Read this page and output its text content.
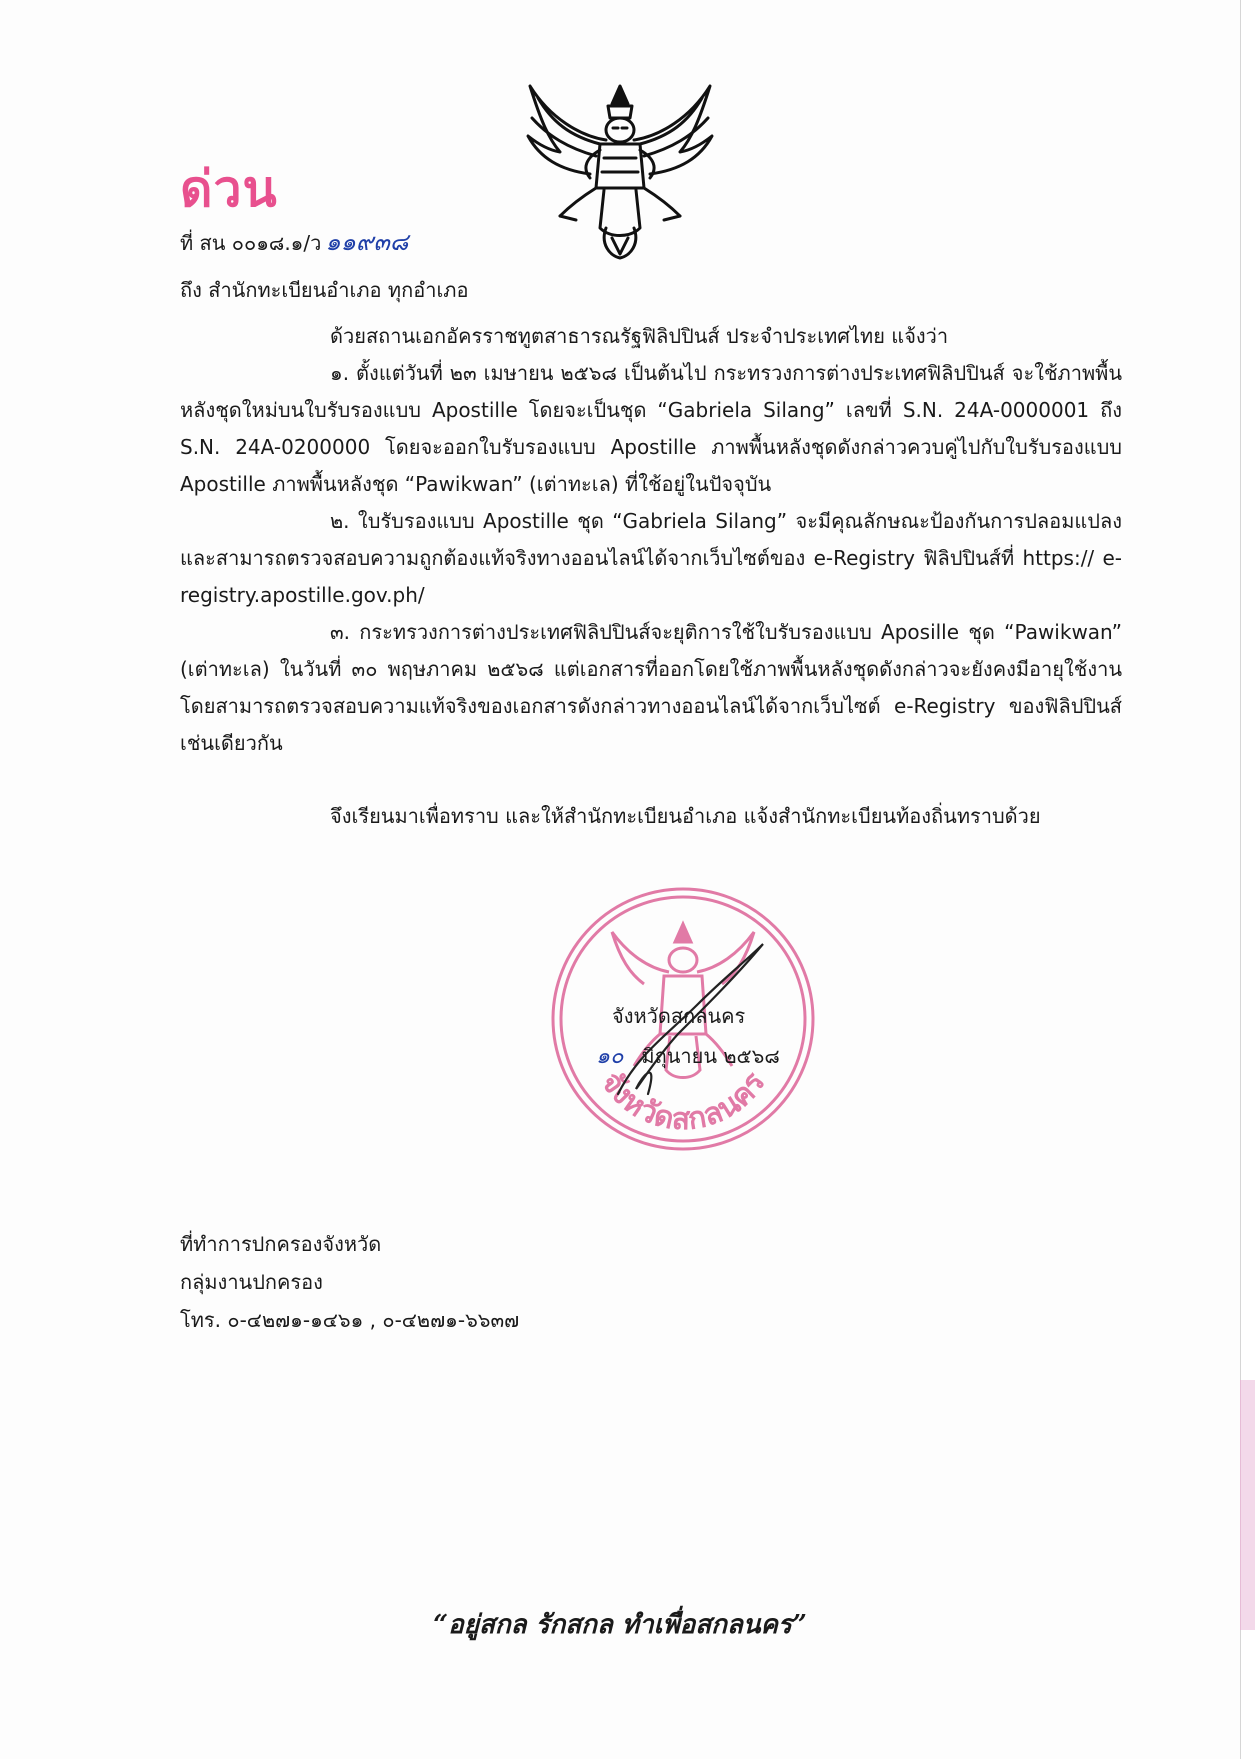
ด่วน
ที่ สน ๐๐๑๘.๑/ว ๑๑๙๓๘
ถึง สำนักทะเบียนอำเภอ ทุกอำเภอ

ด้วยสถานเอกอัครราชทูตสาธารณรัฐฟิลิปปินส์ ประจำประเทศไทย แจ้งว่า

๑. ตั้งแต่วันที่ ๒๓ เมษายน ๒๕๖๘ เป็นต้นไป กระทรวงการต่างประเทศฟิลิปปินส์ จะใช้ภาพพื้นหลังชุดใหม่บนใบรับรองแบบ Apostille โดยจะเป็นชุด “Gabriela Silang” เลขที่ S.N. 24A-0000001 ถึง S.N. 24A-0200000 โดยจะออกใบรับรองแบบ Apostille ภาพพื้นหลังชุดดังกล่าวควบคู่ไปกับใบรับรองแบบ Apostille ภาพพื้นหลังชุด “Pawikwan” (เต่าทะเล) ที่ใช้อยู่ในปัจจุบัน

๒. ใบรับรองแบบ Apostille ชุด “Gabriela Silang” จะมีคุณลักษณะป้องกันการปลอมแปลง และสามารถตรวจสอบความถูกต้องแท้จริงทางออนไลน์ได้จากเว็บไซต์ของ e-Registry ฟิลิปปินส์ที่ https:// e-registry.apostille.gov.ph/

๓. กระทรวงการต่างประเทศฟิลิปปินส์จะยุติการใช้ใบรับรองแบบ Aposille ชุด “Pawikwan” (เต่าทะเล) ในวันที่ ๓๐ พฤษภาคม ๒๕๖๘ แต่เอกสารที่ออกโดยใช้ภาพพื้นหลังชุดดังกล่าวจะยังคงมีอายุใช้งาน โดยสามารถตรวจสอบความแท้จริงของเอกสารดังกล่าวทางออนไลน์ได้จากเว็บไซต์ e-Registry ของฟิลิปปินส์ เช่นเดียวกัน

จึงเรียนมาเพื่อทราบ และให้สำนักทะเบียนอำเภอ แจ้งสำนักทะเบียนท้องถิ่นทราบด้วย
จังหวัดสกลนคร
จังหวัดสกลนคร
๑๐ มิถุนายน ๒๕๖๘
ที่ทำการปกครองจังหวัด
กลุ่มงานปกครอง
โทร. ๐-๔๒๗๑-๑๔๖๑ , ๐-๔๒๗๑-๖๖๓๗
“อยู่สกล รักสกล ทำเพื่อสกลนคร”
